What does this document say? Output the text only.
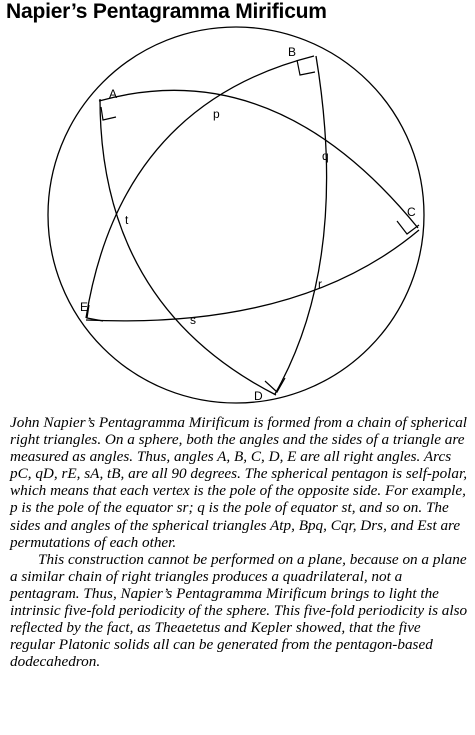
Napier’s Pentagramma Mirificum
A
B
C
D
E
p
q
r
s
t

John Napier’s Pentagramma Mirificum is formed from a chain of spherical right triangles. On a sphere, both the angles and the sides of a triangle are measured as angles. Thus, angles A, B, C, D, E are all right angles. Arcs pC, qD, rE, sA, tB, are all 90 degrees. The spherical pentagon is self-polar, which means that each vertex is the pole of the opposite side. For example, p is the pole of the equator sr; q is the pole of equator st, and so on. The sides and angles of the spherical triangles Atp, Bpq, Cqr, Drs, and Est are permutations of each other.

This construction cannot be performed on a plane, because on a plane a similar chain of right triangles produces a quadrilateral, not a pentagram. Thus, Napier’s Pentagramma Mirificum brings to light the intrinsic five-fold periodicity of the sphere. This five-fold periodicity is also reflected by the fact, as Theaetetus and Kepler showed, that the five regular Platonic solids all can be generated from the pentagon-based dodecahedron.
